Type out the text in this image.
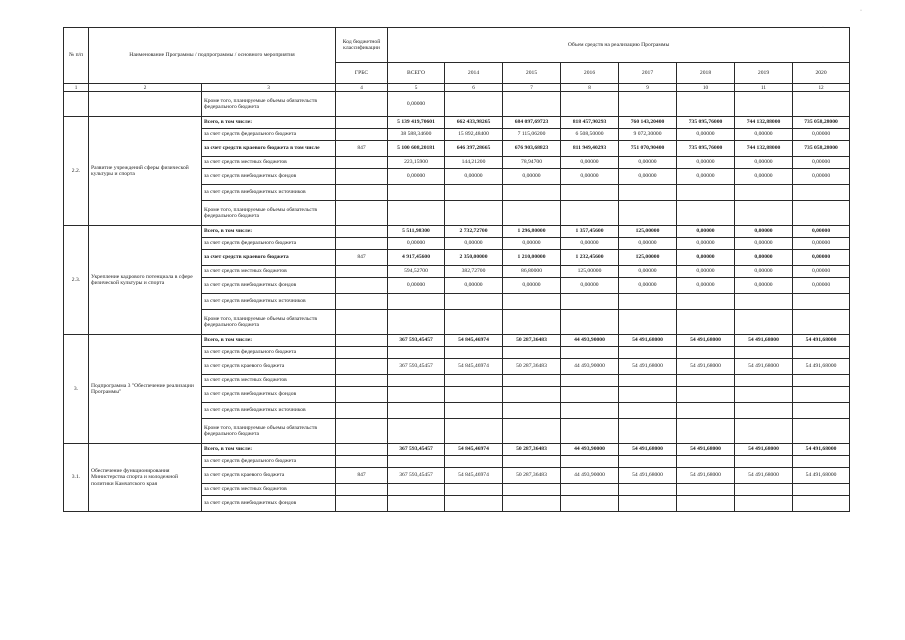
№ п/п	Наименование Программы / подпрограммы / основного мероприятия		Код бюджетной классификации	Объем средств на реализацию Программы							
			ГРБС	ВСЕГО	2014	2015	2016	2017	2018	2019	2020
1	2	3	4	5	6	7	8	9	10	11	12
		Кроме того, планируемые объемы обязательств федерального бюджета		0,00000							
2.2.	Развитие учреждений сферы физической культуры и спорта	Всего, в том числе:		5 139 419,70601	662 433,98265	684 097,69723	818 457,90293	760 143,20400	735 095,76000	744 132,88000	735 058,28000
		за счет средств федерального бюджета		38 588,34600	15 892,48400	7 115,06200	6 508,50000	9 072,30000	0,00000	0,00000	0,00000
		за счет средств краевого бюджета в том числе	847	5 100 608,20181	646 397,28665	676 903,68823	811 949,40293	751 070,90400	735 095,76000	744 132,88000	735 058,28000
		за счет средств местных бюджетов		223,15900	144,21200	78,94700	0,00000	0,00000	0,00000	0,00000	0,00000
		за счет средств внебюджетных фондов		0,00000	0,00000	0,00000	0,00000	0,00000	0,00000	0,00000	0,00000
		за счет средств внебюджетных источников									
		Кроме того, планируемые объемы обязательств федерального бюджета									
2.3.	Укрепление кадрового потенциала в сфере физической культуры и спорта	Всего, в том числе:		5 511,98300	2 732,72700	1 296,80000	1 357,45600	125,00000	0,00000	0,00000	0,00000
		за счет средств федерального бюджета		0,00000	0,00000	0,00000	0,00000	0,00000	0,00000	0,00000	0,00000
		за счет средств краевого бюджета	847	4 917,45600	2 350,00000	1 210,00000	1 232,45600	125,00000	0,00000	0,00000	0,00000
		за счет средств местных бюджетов		594,52700	382,72700	86,80000	125,00000	0,00000	0,00000	0,00000	0,00000
		за счет средств внебюджетных фондов		0,00000	0,00000	0,00000	0,00000	0,00000	0,00000	0,00000	0,00000
		за счет средств внебюджетных источников									
		Кроме того, планируемые объемы обязательств федерального бюджета									
3.	Подпрограмма 3 "Обеспечение реализации Программы"	Всего, в том числе:		367 593,45457	54 845,46974	50 287,36483	44 493,90000	54 491,68000	54 491,68000	54 491,68000	54 491,68000
		за счет средств федерального бюджета									
		за счет средств краевого бюджета		367 593,45457	54 845,46974	50 287,36483	44 493,90000	54 491,68000	54 491,68000	54 491,68000	54 491,68000
		за счет средств местных бюджетов									
		за счет средств внебюджетных фондов									
		за счет средств внебюджетных источников									
		Кроме того, планируемые объемы обязательств федерального бюджета									
3.1.	Обеспечение функционирования Министерства спорта и молодежной политики Камчатского края	Всего, в том числе:		367 593,45457	54 845,46974	50 287,36483	44 493,90000	54 491,68000	54 491,68000	54 491,68000	54 491,68000
		за счет средств федерального бюджета									
		за счет средств краевого бюджета	847	367 593,45457	54 845,46974	50 287,36483	44 493,90000	54 491,68000	54 491,68000	54 491,68000	54 491,68000
		за счет средств местных бюджетов									
		за счет средств внебюджетных фондов									
·	·
·
